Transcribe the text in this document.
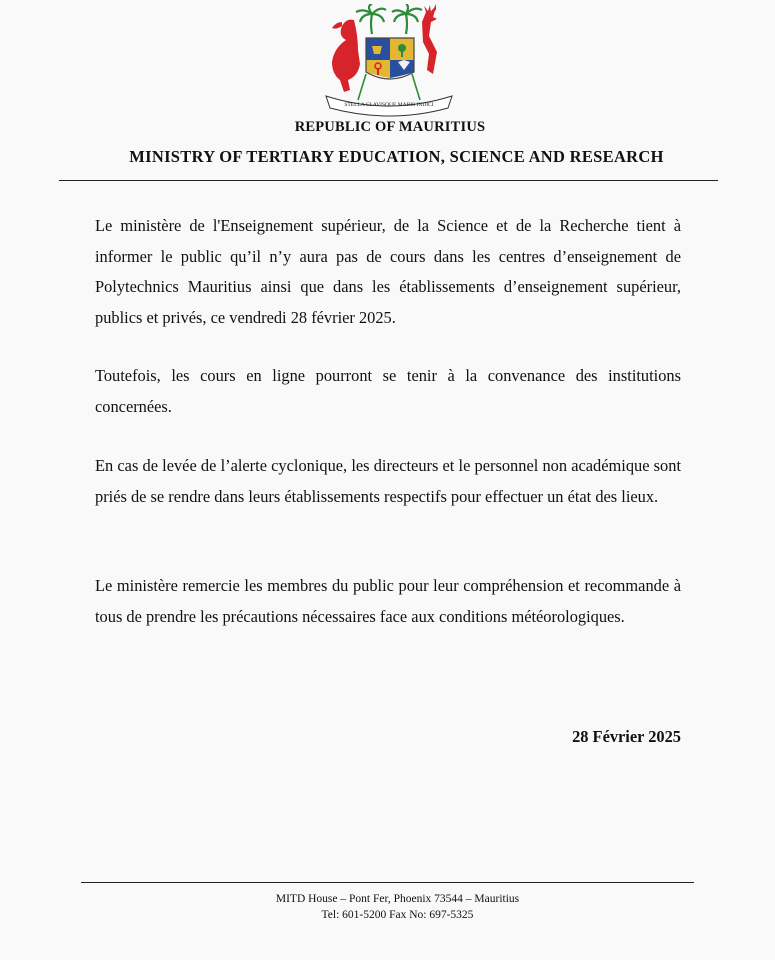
STELLA CLAVISQUE MARIS INDICI
REPUBLIC OF MAURITIUS
MINISTRY OF TERTIARY EDUCATION, SCIENCE AND RESEARCH

Le ministère de l'Enseignement supérieur, de la Science et de la Recherche tient à informer le public qu’il n’y aura pas de cours dans les centres d’enseignement de Polytechnics Mauritius ainsi que dans les établissements d’enseignement supérieur, publics et privés, ce vendredi 28 février 2025.

Toutefois, les cours en ligne pourront se tenir à la convenance des institutions concernées.

En cas de levée de l’alerte cyclonique, les directeurs et le personnel non académique sont priés de se rendre dans leurs établissements respectifs pour effectuer un état des lieux.

Le ministère remercie les membres du public pour leur compréhension et recommande à tous de prendre les précautions nécessaires face aux conditions météorologiques.

28 Février 2025
MITD House – Pont Fer, Phoenix 73544 – Mauritius
Tel: 601-5200 Fax No: 697-5325
